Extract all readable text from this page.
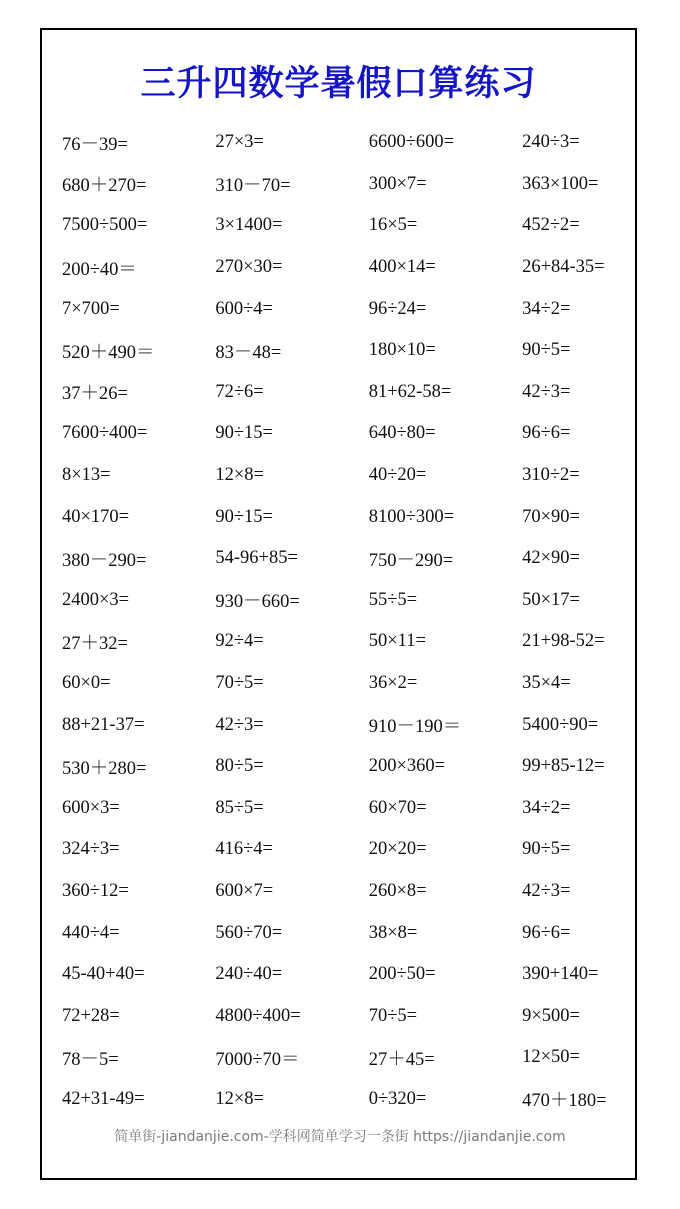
三升四数学暑假口算练习
76－39=	27×3=	6600÷600=	240÷3=
680＋270=	310－70=	300×7=	363×100=
7500÷500=	3×1400=	16×5=	452÷2=
200÷40＝	270×30=	400×14=	26+84-35=
7×700=	600÷4=	96÷24=	34÷2=
520＋490＝	83－48=	180×10=	90÷5=
37＋26=	72÷6=	81+62-58=	42÷3=
7600÷400=	90÷15=	640÷80=	96÷6=
8×13=	12×8=	40÷20=	310÷2=
40×170=	90÷15=	8100÷300=	70×90=
380－290=	54-96+85=	750－290=	42×90=
2400×3=	930－660=	55÷5=	50×17=
27＋32=	92÷4=	50×11=	21+98-52=
60×0=	70÷5=	36×2=	35×4=
88+21-37=	42÷3=	910－190＝	5400÷90=
530＋280=	80÷5=	200×360=	99+85-12=
600×3=	85÷5=	60×70=	34÷2=
324÷3=	416÷4=	20×20=	90÷5=
360÷12=	600×7=	260×8=	42÷3=
440÷4=	560÷70=	38×8=	96÷6=
45-40+40=	240÷40=	200÷50=	390+140=
72+28=	4800÷400=	70÷5=	9×500=
78－5=	7000÷70＝	27＋45=	12×50=
42+31-49=	12×8=	0÷320=	470＋180=
简单街-jiandanjie.com-学科网简单学习一条街 https://jiandanjie.com
